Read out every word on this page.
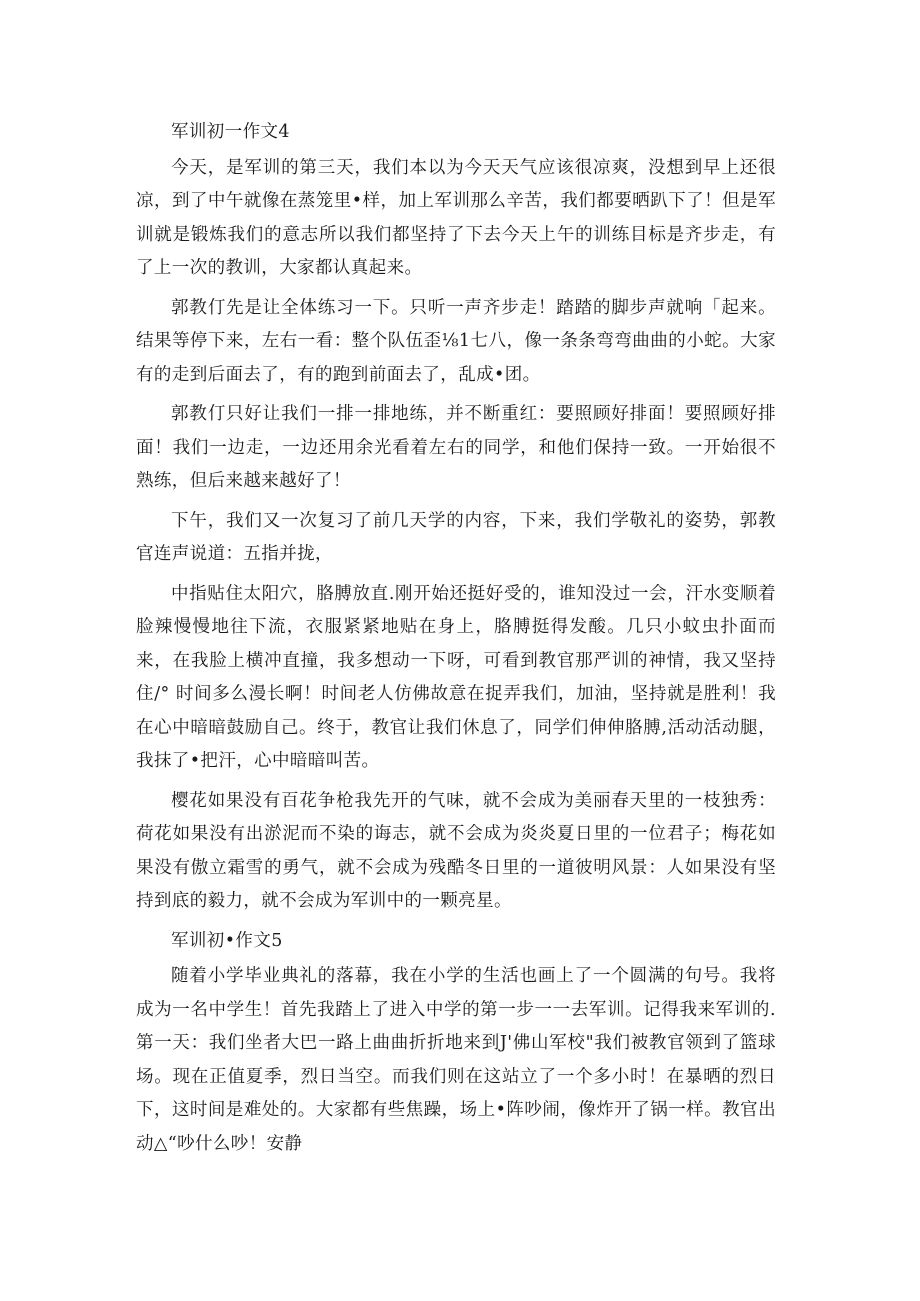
军训初一作文4

今天，是军训的第三天，我们本以为今天天气应该很凉爽，没想到早上还很凉，到了中午就像在蒸笼里•样，加上军训那么辛苦，我们都要晒趴下了！但是军训就是锻炼我们的意志所以我们都坚持了下去今天上午的训练目标是齐步走，有了上一次的教训，大家都认真起来。

郭教仃先是让全体练习一下。只听一声齐步走！踏踏的脚步声就响「起来。结果等停下来，左右一看：整个队伍歪⅛1七八，像一条条弯弯曲曲的小蛇。大家有的走到后面去了，有的跑到前面去了，乱成•团。

郭教仃只好让我们一排一排地练，并不断重红：要照顾好排面！要照顾好排面！我们一边走，一边还用余光看着左右的同学，和他们保持一致。一开始很不熟练，但后来越来越好了！

下午，我们又一次复习了前几天学的内容，下来，我们学敬礼的姿势，郭教官连声说道：五指并拢，

中指贴住太阳穴，胳膊放直.刚开始还挺好受的，谁知没过一会，汗水变顺着脸辣慢慢地往下流，衣服紧紧地贴在身上，胳膊挺得发酸。几只小蚊虫扑面而来，在我脸上横冲直撞，我多想动一下呀，可看到教官那严训的神情，我又坚持住/° 时间多么漫长啊！时间老人仿佛故意在捉弄我们，加油，坚持就是胜利！我在心中暗暗鼓励自己。终于，教官让我们休息了，同学们伸伸胳膊,活动活动腿，我抹了•把汗，心中暗暗叫苦。

樱花如果没有百花争枪我先开的气味，就不会成为美丽春天里的一枝独秀：荷花如果没有出淤泥而不染的诲志，就不会成为炎炎夏日里的一位君子；梅花如果没有傲立霜雪的勇气，就不会成为残酷冬日里的一道彼明风景：人如果没有坚持到底的毅力，就不会成为军训中的一颗亮星。

军训初•作文5

随着小学毕业典礼的落幕，我在小学的生活也画上了一个圆满的句号。我将成为一名中学生！首先我踏上了进入中学的第一步一一去军训。记得我来军训的.第一天：我们坐者大巴一路上曲曲折折地来到J'佛山军校"我们被教官领到了篮球场。现在正值夏季，烈日当空。而我们则在这站立了一个多小时！在暴晒的烈日下，这时间是难处的。大家都有些焦躁，场上•阵吵闹，像炸开了锅一样。教官出动△“吵什么吵！安静
